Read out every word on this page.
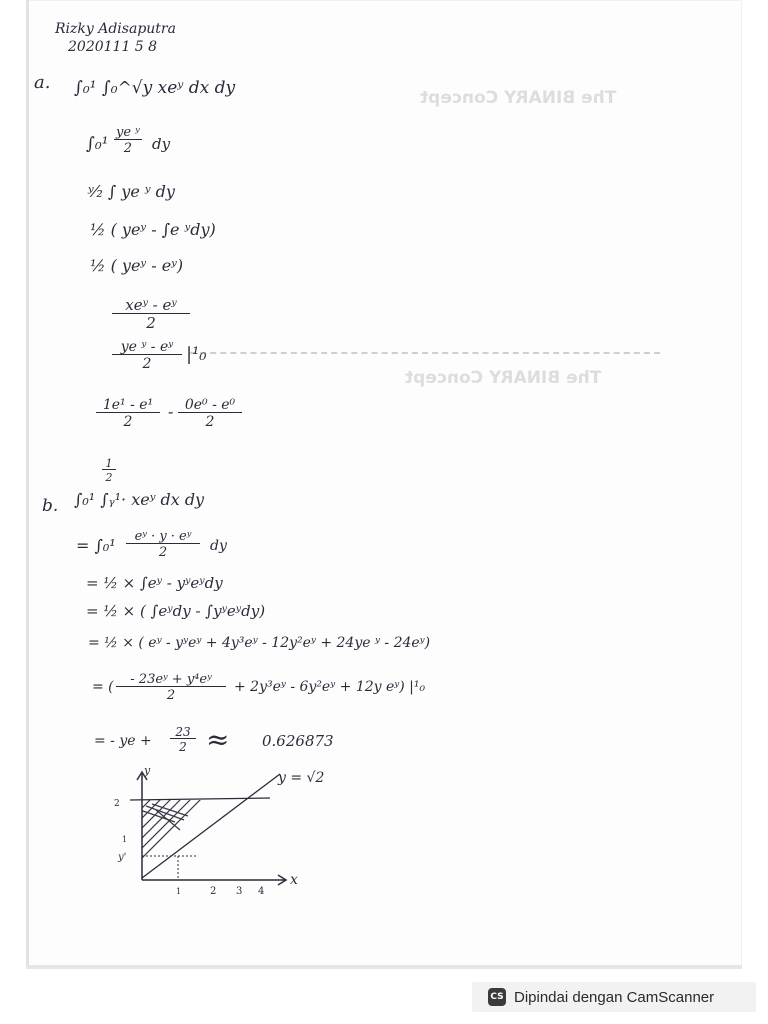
The BINARY Concept
The BINARY Concept
Rizky Adisaputra
2020111 5 8
a. ∫₀¹ ∫₀^√y xeʸ dx dy
$\int_0^1 \frac{\text{ye ʸ}}{2}$ dy
ʸ⁄₂ ∫ ye ʸ dy
½ ( yeʸ - ∫e ʸdy)
½ ( yeʸ - eʸ)
xeʸ - eʸ
2
$\frac{\text{ye ʸ - eʸ}}{2} |^1_0$
$\frac{\text{1e¹ - e¹}}{2} - \frac{\text{0e⁰ - e⁰}}{2}$
$\frac{1}{2}$
b. ∫₀¹ ∫ᵧ¹· xeʸ dx dy
= $\int_0^1 \frac{\text{eʸ · y · eʸ}}{2}$ dy
= ½ × ∫eʸ - yʸeʸdy
= ½ × ( ∫eʸdy - ∫yʸeʸdy)
= ½ × ( eʸ - yʸeʸ + 4y³eʸ - 12y²eʸ + 24ye ʸ - 24eʸ)
= ( $\frac{\text{- 23eʸ + y⁴eʸ}}{2}$ + 2y³eʸ - 6y²eʸ + 12y eʸ) |¹₀
= - ye + $\frac{23}{2} \approx 0.626873$
y = √2
x
y
2
1
y'
1	2 3 4
CS Dipindai dengan CamScanner
